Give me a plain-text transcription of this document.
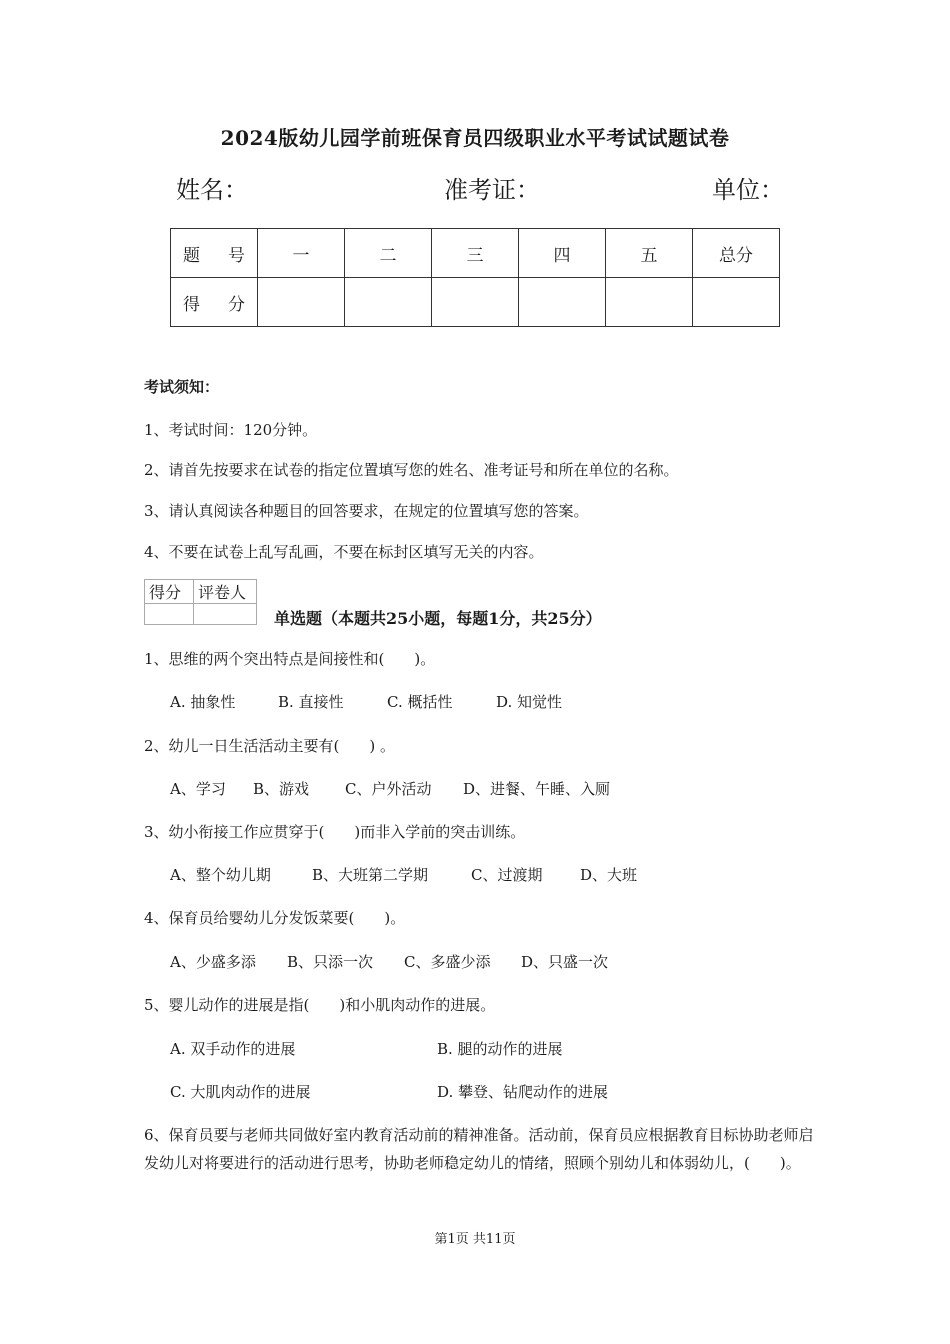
2024版幼儿园学前班保育员四级职业水平考试试题试卷
姓名：	准考证：	单位：
题 号	一	二	三	四	五	总分
得 分						
考试须知：
1、考试时间：120分钟。
2、请首先按要求在试卷的指定位置填写您的姓名、准考证号和所在单位的名称。
3、请认真阅读各种题目的回答要求，在规定的位置填写您的答案。
4、不要在试卷上乱写乱画，不要在标封区填写无关的内容。
得分	评卷人

单选题（本题共25小题，每题1分，共25分）
1、思维的两个突出特点是间接性和(　　)。
A. 抽象性	B. 直接性	C. 概括性	D. 知觉性
2、幼儿一日生活活动主要有(　　) 。
A、学习 B、游戏 C、户外活动 D、进餐、午睡、入厕
3、幼小衔接工作应贯穿于(　　)而非入学前的突击训练。
A、整个幼儿期	B、大班第二学期	C、过渡期	D、大班
4、保育员给婴幼儿分发饭菜要(　　)。
A、少盛多添 B、只添一次 C、多盛少添 D、只盛一次
5、婴儿动作的进展是指(　　)和小肌肉动作的进展。
A. 双手动作的进展	B. 腿的动作的进展
C. 大肌肉动作的进展	D. 攀登、钻爬动作的进展
6、保育员要与老师共同做好室内教育活动前的精神准备。活动前，保育员应根据教育目标协助老师启发幼儿对将要进行的活动进行思考，协助老师稳定幼儿的情绪，照顾个别幼儿和体弱幼儿，(　　)。
第1页 共11页
